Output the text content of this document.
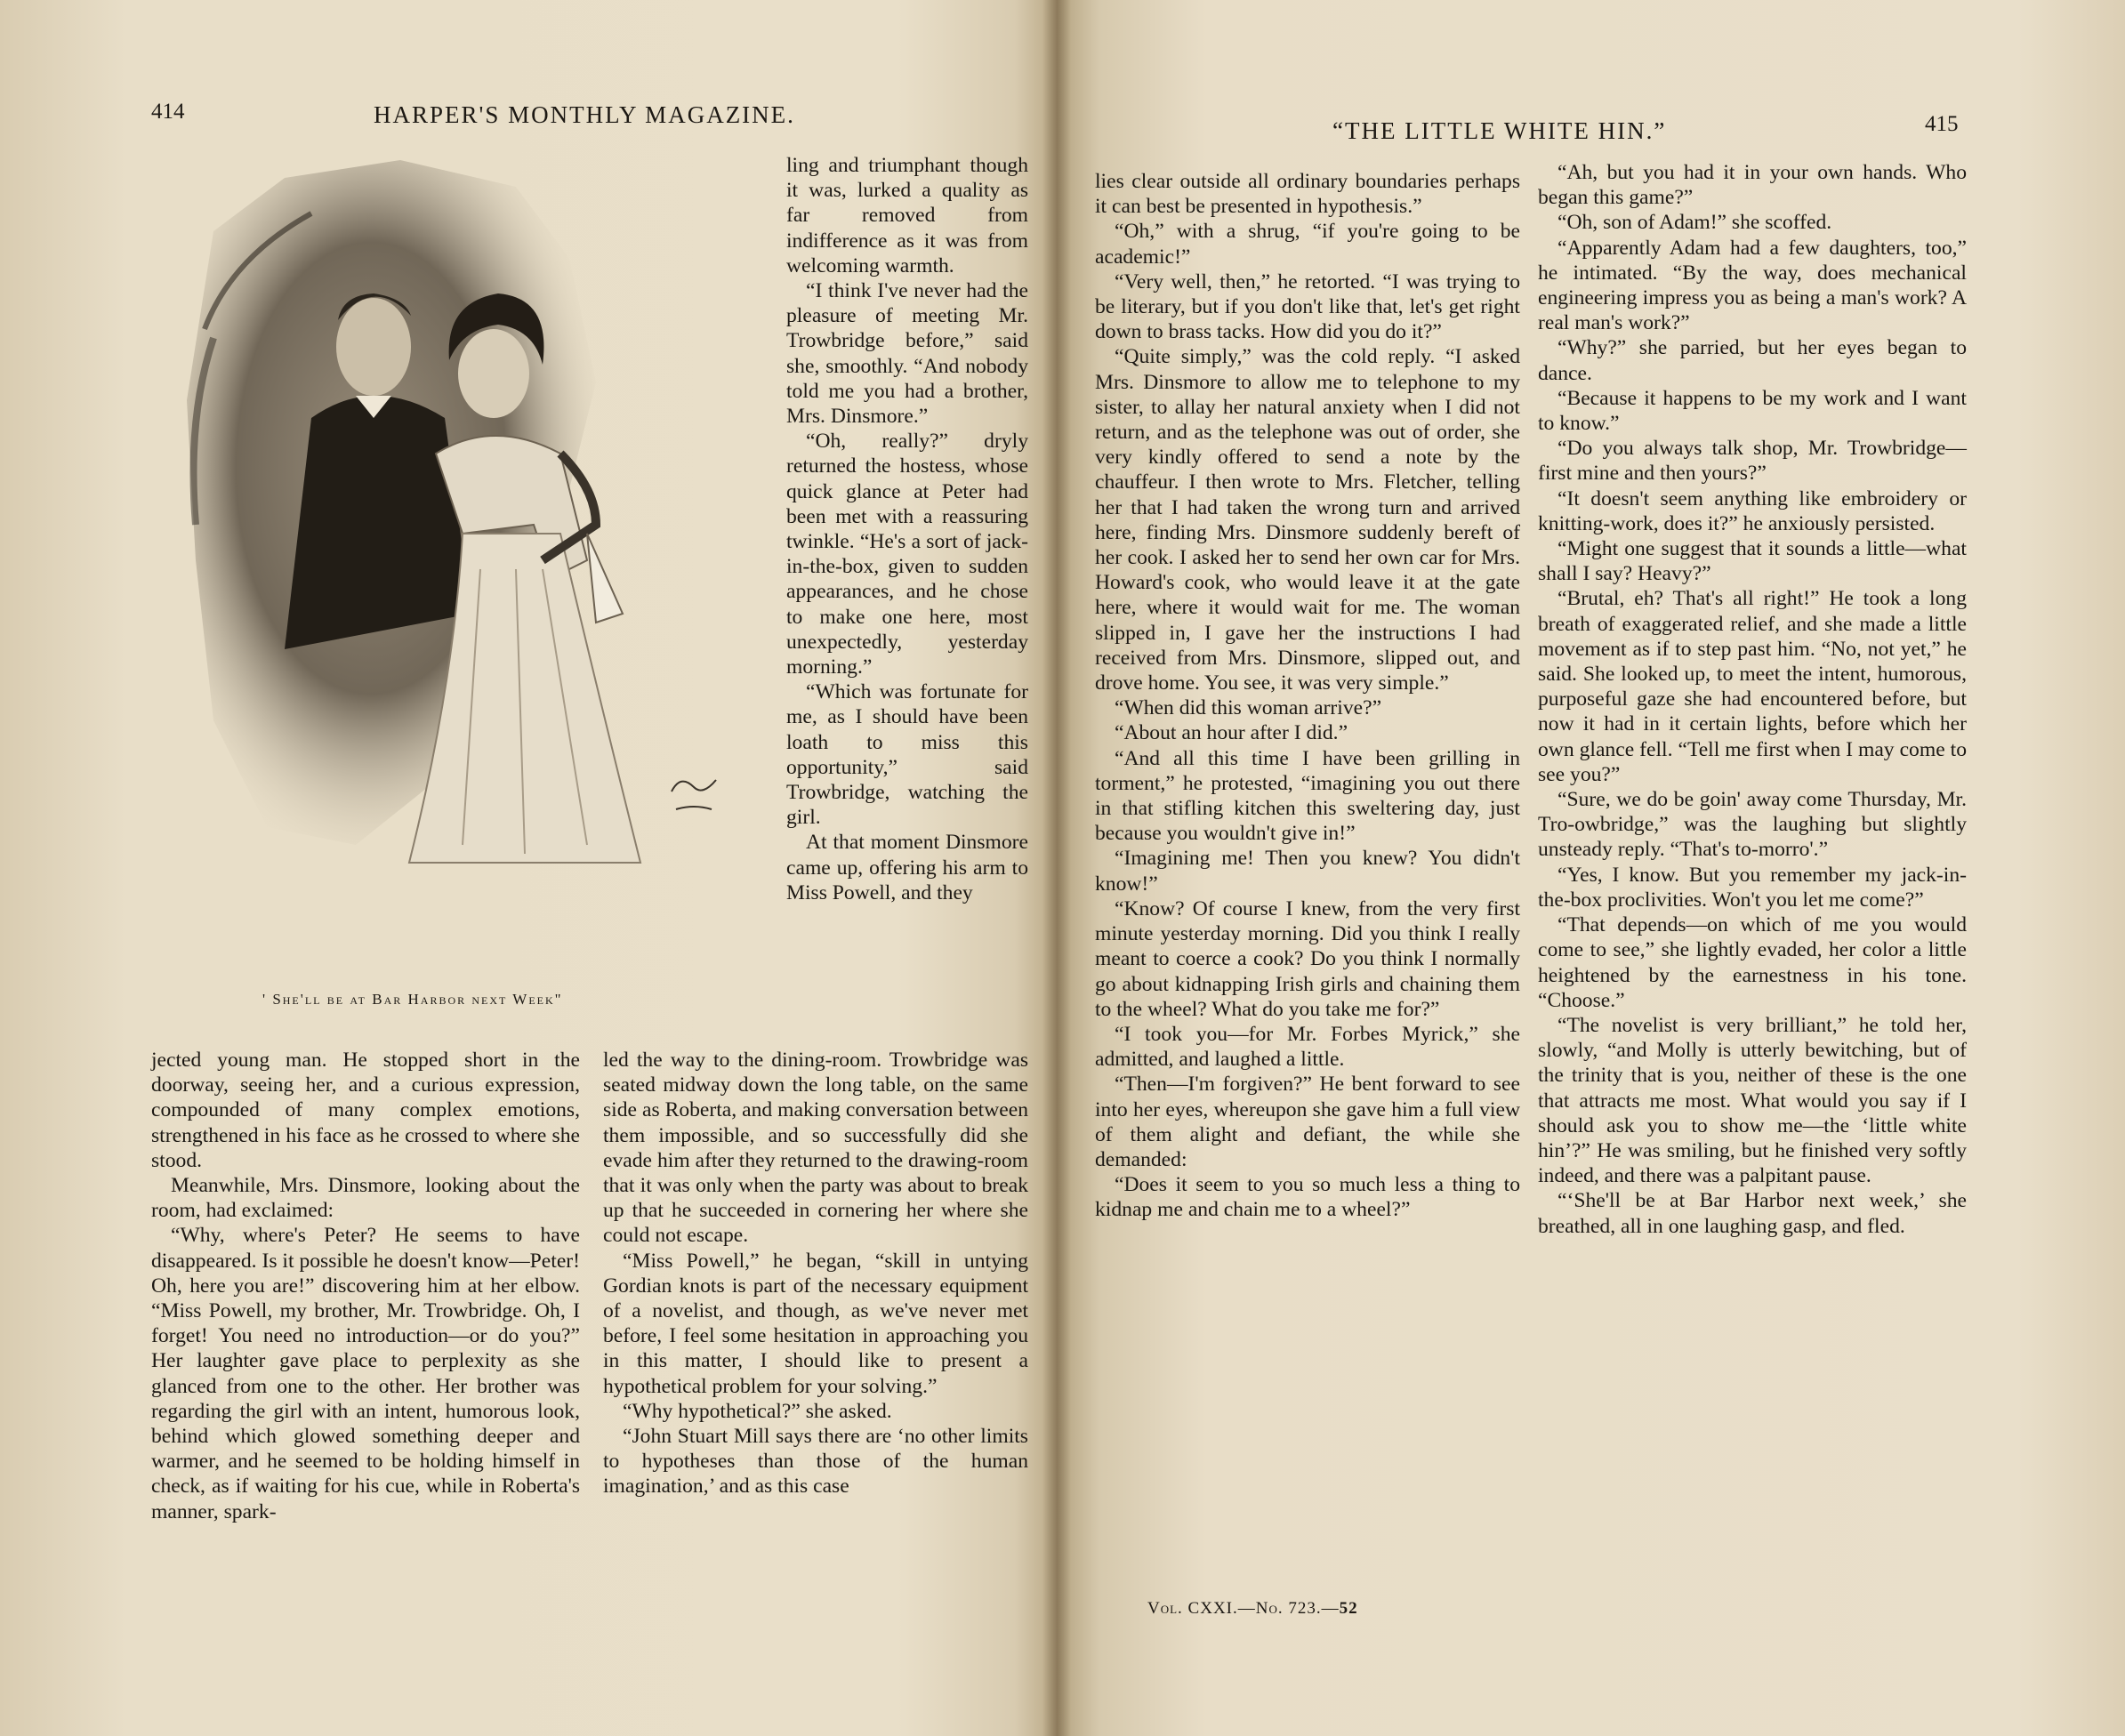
414	HARPER'S MONTHLY MAGAZINE.
' She'll be at Bar Harbor next Week"

ling and triumphant though it was, lurked a quality as far removed from indifference as it was from welcoming warmth.

“I think I've never had the pleasure of meeting Mr. Trowbridge before,” said she, smoothly. “And nobody told me you had a brother, Mrs. Dinsmore.”

“Oh, really?” dryly returned the hostess, whose quick glance at Peter had been met with a reassuring twinkle. “He's a sort of jack-in-the-box, given to sudden appearances, and he chose to make one here, most unexpectedly, yesterday morning.”

“Which was fortunate for me, as I should have been loath to miss this opportunity,” said Trowbridge, watching the girl.

At that moment Dinsmore came up, offering his arm to Miss Powell, and they

jected young man. He stopped short in the doorway, seeing her, and a curious expression, compounded of many complex emotions, strengthened in his face as he crossed to where she stood.

Meanwhile, Mrs. Dinsmore, looking about the room, had exclaimed:

“Why, where's Peter? He seems to have disappeared. Is it possible he doesn't know—Peter! Oh, here you are!” discovering him at her elbow. “Miss Powell, my brother, Mr. Trowbridge. Oh, I forget! You need no introduction—or do you?” Her laughter gave place to perplexity as she glanced from one to the other. Her brother was regarding the girl with an intent, humorous look, behind which glowed something deeper and warmer, and he seemed to be holding himself in check, as if waiting for his cue, while in Roberta's manner, spark-

led the way to the dining-room. Trowbridge was seated midway down the long table, on the same side as Roberta, and making conversation between them impossible, and so successfully did she evade him after they returned to the drawing-room that it was only when the party was about to break up that he succeeded in cornering her where she could not escape.

“Miss Powell,” he began, “skill in untying Gordian knots is part of the necessary equipment of a novelist, and though, as we've never met before, I feel some hesitation in approaching you in this matter, I should like to present a hypothetical problem for your solving.”

“Why hypothetical?” she asked.

“John Stuart Mill says there are ‘no other limits to hypotheses than those of the human imagination,’ and as this case

“THE LITTLE WHITE HIN.”	415

lies clear outside all ordinary boundaries perhaps it can best be presented in hypothesis.”

“Oh,” with a shrug, “if you're going to be academic!”

“Very well, then,” he retorted. “I was trying to be literary, but if you don't like that, let's get right down to brass tacks. How did you do it?”

“Quite simply,” was the cold reply. “I asked Mrs. Dinsmore to allow me to telephone to my sister, to allay her natural anxiety when I did not return, and as the telephone was out of order, she very kindly offered to send a note by the chauffeur. I then wrote to Mrs. Fletcher, telling her that I had taken the wrong turn and arrived here, finding Mrs. Dinsmore suddenly bereft of her cook. I asked her to send her own car for Mrs. Howard's cook, who would leave it at the gate here, where it would wait for me. The woman slipped in, I gave her the instructions I had received from Mrs. Dinsmore, slipped out, and drove home. You see, it was very simple.”

“When did this woman arrive?”

“About an hour after I did.”

“And all this time I have been grilling in torment,” he protested, “imagining you out there in that stifling kitchen this sweltering day, just because you wouldn't give in!”

“Imagining me! Then you knew? You didn't know!”

“Know? Of course I knew, from the very first minute yesterday morning. Did you think I really meant to coerce a cook? Do you think I normally go about kidnapping Irish girls and chaining them to the wheel? What do you take me for?”

“I took you—for Mr. Forbes Myrick,” she admitted, and laughed a little.

“Then—I'm forgiven?” He bent forward to see into her eyes, whereupon she gave him a full view of them alight and defiant, the while she demanded:

“Does it seem to you so much less a thing to kidnap me and chain me to a wheel?”

“Ah, but you had it in your own hands. Who began this game?”

“Oh, son of Adam!” she scoffed.

“Apparently Adam had a few daughters, too,” he intimated. “By the way, does mechanical engineering impress you as being a man's work? A real man's work?”

“Why?” she parried, but her eyes began to dance.

“Because it happens to be my work and I want to know.”

“Do you always talk shop, Mr. Trowbridge—first mine and then yours?”

“It doesn't seem anything like embroidery or knitting-work, does it?” he anxiously persisted.

“Might one suggest that it sounds a little—what shall I say? Heavy?”

“Brutal, eh? That's all right!” He took a long breath of exaggerated relief, and she made a little movement as if to step past him. “No, not yet,” he said. She looked up, to meet the intent, humorous, purposeful gaze she had encountered before, but now it had in it certain lights, before which her own glance fell. “Tell me first when I may come to see you?”

“Sure, we do be goin' away come Thursday, Mr. Tro-owbridge,” was the laughing but slightly unsteady reply. “That's to-morro'.”

“Yes, I know. But you remember my jack-in-the-box proclivities. Won't you let me come?”

“That depends—on which of me you would come to see,” she lightly evaded, her color a little heightened by the earnestness in his tone. “Choose.”

“The novelist is very brilliant,” he told her, slowly, “and Molly is utterly bewitching, but of the trinity that is you, neither of these is the one that attracts me most. What would you say if I should ask you to show me—the ‘little white hin’?” He was smiling, but he finished very softly indeed, and there was a palpitant pause.

“‘She'll be at Bar Harbor next week,’ she breathed, all in one laughing gasp, and fled.

Vol. CXXI.—No. 723.—52
